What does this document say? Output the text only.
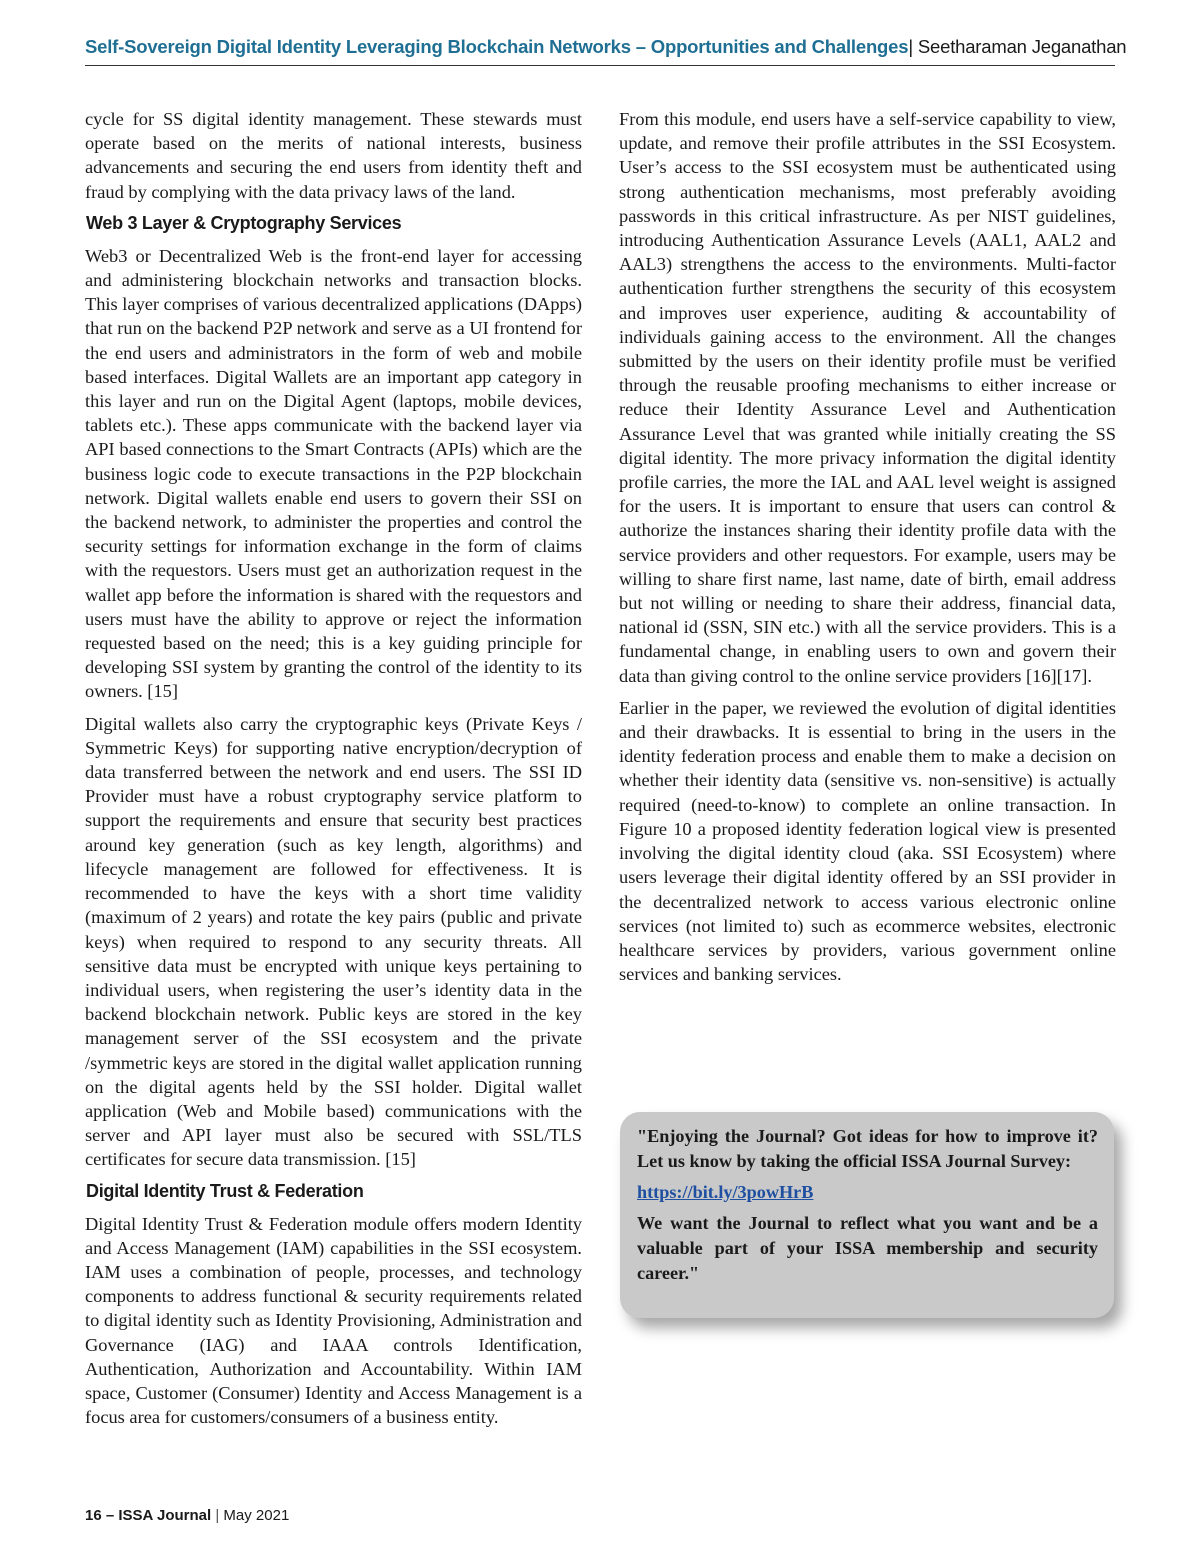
Self-Sovereign Digital Identity Leveraging Blockchain Networks – Opportunities and Challenges| Seetharaman Jeganathan

cycle for SS digital identity management. These stewards must operate based on the merits of national interests, business advancements and securing the end users from identity theft and fraud by complying with the data privacy laws of the land.

Web 3 Layer & Cryptography Services

Web3 or Decentralized Web is the front-end layer for accessing and administering blockchain networks and transaction blocks. This layer comprises of various decentralized applications (DApps) that run on the backend P2P network and serve as a UI frontend for the end users and administrators in the form of web and mobile based interfaces. Digital Wallets are an important app category in this layer and run on the Digital Agent (laptops, mobile devices, tablets etc.). These apps communicate with the backend layer via API based connections to the Smart Contracts (APIs) which are the business logic code to execute transactions in the P2P blockchain network. Digital wallets enable end users to govern their SSI on the backend network, to administer the properties and control the security settings for information exchange in the form of claims with the requestors. Users must get an authorization request in the wallet app before the information is shared with the requestors and users must have the ability to approve or reject the information requested based on the need; this is a key guiding principle for developing SSI system by granting the control of the identity to its owners. [15]

Digital wallets also carry the cryptographic keys (Private Keys / Symmetric Keys) for supporting native encryption/decryption of data transferred between the network and end users. The SSI ID Provider must have a robust cryptography service platform to support the requirements and ensure that security best practices around key generation (such as key length, algorithms) and lifecycle management are followed for effectiveness. It is recommended to have the keys with a short time validity (maximum of 2 years) and rotate the key pairs (public and private keys) when required to respond to any security threats. All sensitive data must be encrypted with unique keys pertaining to individual users, when registering the user’s identity data in the backend blockchain network. Public keys are stored in the key management server of the SSI ecosystem and the private /symmetric keys are stored in the digital wallet application running on the digital agents held by the SSI holder. Digital wallet application (Web and Mobile based) communications with the server and API layer must also be secured with SSL/TLS certificates for secure data transmission. [15]

Digital Identity Trust & Federation

Digital Identity Trust & Federation module offers modern Identity and Access Management (IAM) capabilities in the SSI ecosystem. IAM uses a combination of people, processes, and technology components to address functional & security requirements related to digital identity such as Identity Provisioning, Administration and Governance (IAG) and IAAA controls Identification, Authentication, Authorization and Accountability. Within IAM space, Customer (Consumer) Identity and Access Management is a focus area for customers/consumers of a business entity.

From this module, end users have a self-service capability to view, update, and remove their profile attributes in the SSI Ecosystem. User’s access to the SSI ecosystem must be authenticated using strong authentication mechanisms, most preferably avoiding passwords in this critical infrastructure. As per NIST guidelines, introducing Authentication Assurance Levels (AAL1, AAL2 and AAL3) strengthens the access to the environments. Multi-factor authentication further strengthens the security of this ecosystem and improves user experience, auditing & accountability of individuals gaining access to the environment. All the changes submitted by the users on their identity profile must be verified through the reusable proofing mechanisms to either increase or reduce their Identity Assurance Level and Authentication Assurance Level that was granted while initially creating the SS digital identity. The more privacy information the digital identity profile carries, the more the IAL and AAL level weight is assigned for the users. It is important to ensure that users can control & authorize the instances sharing their identity profile data with the service providers and other requestors. For example, users may be willing to share first name, last name, date of birth, email address but not willing or needing to share their address, financial data, national id (SSN, SIN etc.) with all the service providers. This is a fundamental change, in enabling users to own and govern their data than giving control to the online service providers [16][17].

Earlier in the paper, we reviewed the evolution of digital identities and their drawbacks. It is essential to bring in the users in the identity federation process and enable them to make a decision on whether their identity data (sensitive vs. non-sensitive) is actually required (need-to-know) to complete an online transaction. In Figure 10 a proposed identity federation logical view is presented involving the digital identity cloud (aka. SSI Ecosystem) where users leverage their digital identity offered by an SSI provider in the decentralized network to access various electronic online services (not limited to) such as ecommerce websites, electronic healthcare services by providers, various government online services and banking services.

"Enjoying the Journal? Got ideas for how to improve it? Let us know by taking the official ISSA Journal Survey:

https://bit.ly/3powHrB

We want the Journal to reflect what you want and be a valuable part of your ISSA membership and security career."

16 – ISSA Journal | May 2021
